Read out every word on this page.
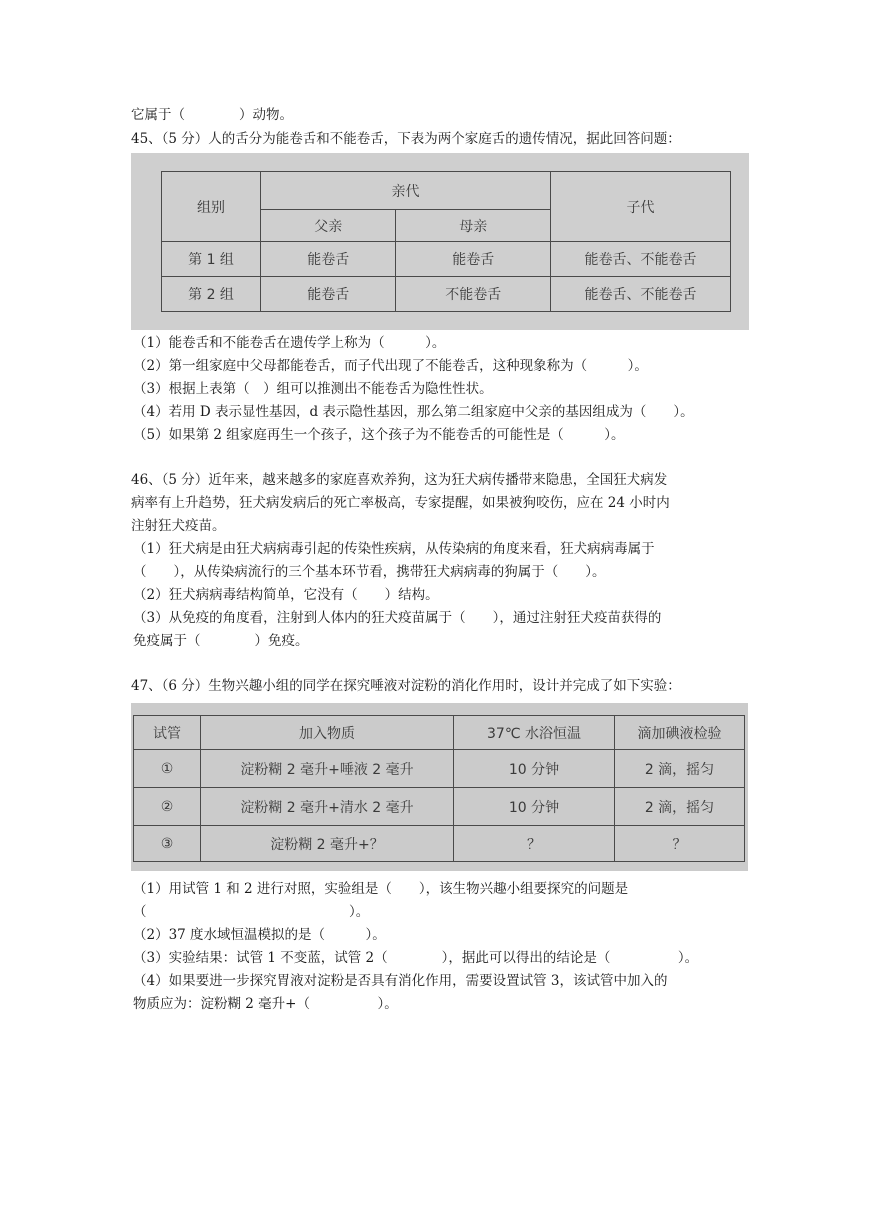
它属于（　　　　）动物。
45、（5 分）人的舌分为能卷舌和不能卷舌，下表为两个家庭舌的遗传情况，据此回答问题：
组别	亲代		子代
	父亲	母亲	
第 1 组	能卷舌	能卷舌	能卷舌、不能卷舌
第 2 组	能卷舌	不能卷舌	能卷舌、不能卷舌
（1）能卷舌和不能卷舌在遗传学上称为（　　　）。
（2）第一组家庭中父母都能卷舌，而子代出现了不能卷舌，这种现象称为（　　　）。
（3）根据上表第（　）组可以推测出不能卷舌为隐性性状。
（4）若用 D 表示显性基因，d 表示隐性基因，那么第二组家庭中父亲的基因组成为（　　）。
（5）如果第 2 组家庭再生一个孩子，这个孩子为不能卷舌的可能性是（　　　）。
46、（5 分）近年来，越来越多的家庭喜欢养狗，这为狂犬病传播带来隐患，全国狂犬病发
病率有上升趋势，狂犬病发病后的死亡率极高，专家提醒，如果被狗咬伤，应在 24 小时内
注射狂犬疫苗。
（1）狂犬病是由狂犬病病毒引起的传染性疾病，从传染病的角度来看，狂犬病病毒属于
（　　），从传染病流行的三个基本环节看，携带狂犬病病毒的狗属于（　　）。
（2）狂犬病病毒结构简单，它没有（　　）结构。
（3）从免疫的角度看，注射到人体内的狂犬疫苗属于（　　），通过注射狂犬疫苗获得的
免疫属于（　　　　）免疫。
47、（6 分）生物兴趣小组的同学在探究唾液对淀粉的消化作用时，设计并完成了如下实验：
试管	加入物质	37℃ 水浴恒温	滴加碘液检验
①	淀粉糊 2 毫升+唾液 2 毫升	10 分钟	2 滴，摇匀
②	淀粉糊 2 毫升+清水 2 毫升	10 分钟	2 滴，摇匀
③	淀粉糊 2 毫升+？	？	？
（1）用试管 1 和 2 进行对照，实验组是（　　），该生物兴趣小组要探究的问题是
（　　　　　　　　　　　　　　　）。
（2）37 度水域恒温模拟的是（　　　）。
（3）实验结果：试管 1 不变蓝，试管 2（　　　　），据此可以得出的结论是（　　　　　）。
（4）如果要进一步探究胃液对淀粉是否具有消化作用，需要设置试管 3，该试管中加入的
物质应为：淀粉糊 2 毫升+（　　　　　）。
